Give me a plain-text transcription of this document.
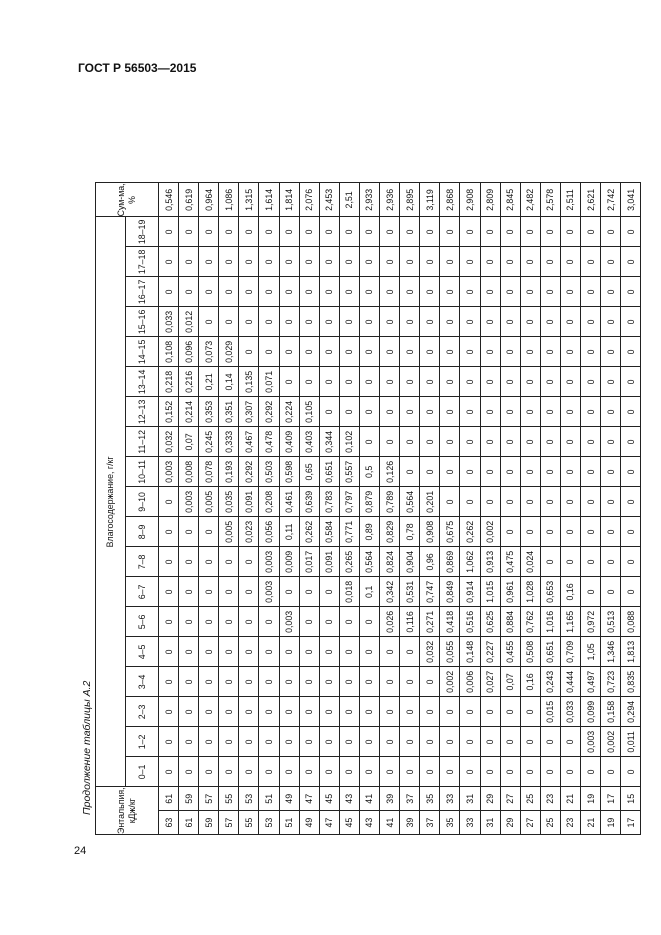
ГОСТ Р 56503—2015
Продолжение таблицы А.2	Энтальпия, кДж/кг		Влагосодержание, г/кг																			Сум-ма, %
		0–1	1–2	2–3	3–4	4–5	5–6	6–7	7–8	8–9	9–10	10–11	11–12	12–13	13–14	14–15	15–16	16–17	17–18	18–19	
63	61	0	0	0	0	0	0	0	0	0	0	0,003	0,032	0,152	0,218	0,108	0,033	0	0	0	0,546
61	59	0	0	0	0	0	0	0	0	0	0,003	0,008	0,07	0,214	0,216	0,096	0,012	0	0	0	0,619
59	57	0	0	0	0	0	0	0	0	0	0,005	0,078	0,245	0,353	0,21	0,073	0	0	0	0	0,964
57	55	0	0	0	0	0	0	0	0	0,005	0,035	0,193	0,333	0,351	0,14	0,029	0	0	0	0	1,086
55	53	0	0	0	0	0	0	0	0	0,023	0,091	0,292	0,467	0,307	0,135	0	0	0	0	0	1,315
53	51	0	0	0	0	0	0	0,003	0,003	0,056	0,208	0,503	0,478	0,292	0,071	0	0	0	0	0	1,614
51	49	0	0	0	0	0	0,003	0	0,009	0,11	0,461	0,598	0,409	0,224	0	0	0	0	0	0	1,814
49	47	0	0	0	0	0	0	0	0,017	0,262	0,639	0,65	0,403	0,105	0	0	0	0	0	0	2,076
47	45	0	0	0	0	0	0	0	0,091	0,584	0,783	0,651	0,344	0	0	0	0	0	0	0	2,453
45	43	0	0	0	0	0	0	0,018	0,265	0,771	0,797	0,557	0,102	0	0	0	0	0	0	0	2,51
43	41	0	0	0	0	0	0	0,1	0,564	0,89	0,879	0,5	0	0	0	0	0	0	0	0	2,933
41	39	0	0	0	0	0	0,026	0,342	0,824	0,829	0,789	0,126	0	0	0	0	0	0	0	0	2,936
39	37	0	0	0	0	0	0,116	0,531	0,904	0,78	0,564	0	0	0	0	0	0	0	0	0	2,895
37	35	0	0	0	0	0,032	0,271	0,747	0,96	0,908	0,201	0	0	0	0	0	0	0	0	0	3,119
35	33	0	0	0	0,002	0,055	0,418	0,849	0,869	0,675	0	0	0	0	0	0	0	0	0	0	2,868
33	31	0	0	0	0,006	0,148	0,516	0,914	1,062	0,262	0	0	0	0	0	0	0	0	0	0	2,908
31	29	0	0	0	0,027	0,227	0,625	1,015	0,913	0,002	0	0	0	0	0	0	0	0	0	0	2,809
29	27	0	0	0	0,07	0,455	0,884	0,961	0,475	0	0	0	0	0	0	0	0	0	0	0	2,845
27	25	0	0	0	0,16	0,508	0,762	1,028	0,024	0	0	0	0	0	0	0	0	0	0	0	2,482
25	23	0	0	0,015	0,243	0,651	1,016	0,653	0	0	0	0	0	0	0	0	0	0	0	0	2,578
23	21	0	0	0,033	0,444	0,709	1,165	0,16	0	0	0	0	0	0	0	0	0	0	0	0	2,511
21	19	0	0,003	0,099	0,497	1,05	0,972	0	0	0	0	0	0	0	0	0	0	0	0	0	2,621
19	17	0	0,002	0,158	0,723	1,346	0,513	0	0	0	0	0	0	0	0	0	0	0	0	0	2,742
17	15	0	0,011	0,294	0,835	1,813	0,088	0	0	0	0	0	0	0	0	0	0	0	0	0	3,041
24
